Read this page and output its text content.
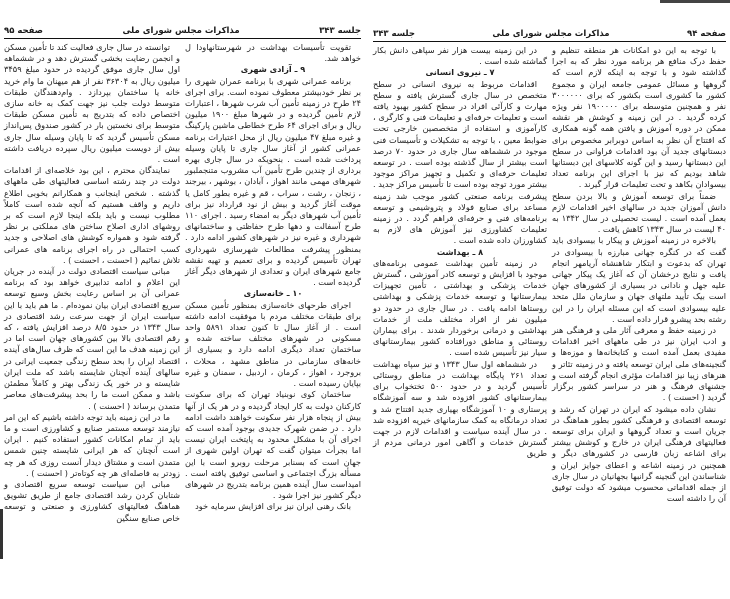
جلسه ۳۴۳
مذاکرات مجلس شورای ملی
صفحه ۹۵

تقویت تأسیسات بهداشت در شهرستانهاودا ل خواهد شد.

۹ ـ آزادی شهری

برنامه عمرانی شهری با برنامه عمران شهری را بر نظر خودبیشتر معطوف نموده است. برای اجرای ۲۴ طرح در زمینه تأمین آب شرب شهرها ، اعتبارات لازم تأمین گردیده و در شهرها مبلغ ۱۹۰۰ میلیون ریال و برای اجرای ۶۴ طرح خطاطی ماشین پارکینگ و غیره مبلغ ۴۷ میلیون ریال از محل اعتبارات برنامه عمرانی کشور از آغاز سال جاری تا پایان وسیله پرداخت شده است . بنحویکه در سال جاری بهره برداری از چندین طرح تأمین آب مشروب متنجملبور شهرهای مهمی مانند اهواز ، آبادان ، بوشهر ، بیرجند ، زنجان ، رشت ، سراب ، قم و غیره بطور کامل یا موقت آغاز گردید و بیش از نود قرارداد نیز برای تأمین آب شهرهای دیگر به امضاء رسید . اجرای ۱۱۰ طرح آسفالت و دهها طرح حفاظتی و ساختمانهای شهرداری و غیره نیز در شهرهای کشور ادامه دارد . بمنظور پیشرفت مطالعات شهرسازی شهرداری تهران تأسیس گردیده و برای تعمیم و تهیه نقشه جامع شهرهای ایران و تعدادی از شهرهای دیگر آغاز گردیده است .

۱۰ ـ خانه‌سازی

اجرای طرحهای خانه‌سازی بمنظور تأمین مسکن برای طبقات مختلف مردم با موفقیت ادامه داشته است . از آغاز سال تا کنون تعداد ۵۸۹۱ واحد مسکونی در شهرهای مختلف ساخته شده و ساختمان تعداد دیگری ادامه دارد و بسیاری از خانه‌های سازمانی در مناطق مشهد ، محلات ، بروجرد ، اهواز ، کرمان ، اردبیل ، سمنان و غیره بپایان رسیده است .

ساختمان کوی نوبنیاد تهران که برای سکونت کارکنان دولت به کار ایجاد گردیده و در هر یک از آنها بیش از پنجاه هزار نفر سکونت خواهند داشت ادامه دارد . در ضمن شهرک جدیدی بوجود آمده است که اجرای آن با مشکل محدود به پایتخت ایران نیست اما بجرأت میتوان گفت که تهران اولین شهری از جهان است که بسنابر مرحلت روبرو است با این مسأله بزرگ اجتماعی و اساسی توفیق یافته است . امیداست سال آینده همین برنامه بتدریج در شهرهای دیگر کشور نیز اجرا شود .

بانک رهنی ایران نیز برای افزایش سرمایه خود

توانسته در سال جاری فعالیت کند تا تأمین مسکن و انجمن رضایت بخشی گسترش دهد و در ششماهه اول سال جاری موفق گردیده در حدود مبلغ ۳۴۵۹ میلیون ریال به ۳۶۳۰۴ نفر از هم میهنان ما وام خرید خانه یا ساختمان بپردازد . وام‌دهندگان طبقات متوسط دولت جلب نیز جهت کمک به خانه سازی اختصاص داده که بتدریج به تأمین مسکن طبقات متوسط برای نخستین بار در کشور صندوق پس‌انداز مسکن تأسیس گردید که تا پایان وسیله سال جاری بیش از دویست میلیون ریال سپرده دریافت داشته است .

نمایندگان محترم ، این بود خلاصه‌ای از اقدامات دولت در چند رشته اساسی فعالیتهای طی ماههای گذشته . شخص اینجانب و همکارانم بخوبی اطلاع داریم و واقف هستیم که آنچه شده است کاملاً مطلوب نیست و باید بلکه اینجا لازم است که بر روشهای اداری اصلاح ساختن های مملکتی بر نظر گرفته شود و همواره کوشش های اصلاحی و جدید کسب احتمالی در راه اجرای برنامه های عمرانی تلاش نمائیم ( احسنت ، احسنت ) .

مبانی سیاست اقتصادی دولت در آینده در جریان این اعلام و ادامه تدابیری خواهد بود که برنامه عمرانی آن بر اساس رعایت بخش وسیع توسعه سریع اقتصادی ایران بیان نموده‌ام . ما هم باید با این سیاست ایران از جهت سرعت رشد اقتصادی در سال ۱۳۴۳ در حدود ۸/۵ درصد افزایش یافته ، که رقم اقتصادی بالا بین کشورهای جهان است اما در این زمینه هدف ما این است که ظرف سال‌های آینده اقتصاد ایران را بحد سطح زندگی جمعیت ایرانی در سالهای آینده آنچنان شایسته باشد که ملت ایران شایسته و در خور یک زندگی بهتر و کاملاً مطمئن باشد و ممکن است ما را بحد پیشرفت‌های معاصر متمدن برساند ( احسنت ) .

ما در این زمینه باید توجه داشته باشیم که این امر نیازمند توسعه مستمر صنایع و کشاورزی است و ما باید از تمام امکانات کشور استفاده کنیم . ایران است آنچنان که هر ایرانی شایسته چنین شمس متمدن است و مشتاق دیدار آنست روزی که هر چه زودتر به فاصله‌ای هر چه کوتاه‌تر ( احسنت ) .

مبانی این سیاست توسعه سریع اقتصادی و شتابان کردن رشد اقتصادی جامع از طریق تشویق هماهنگ فعالیتهای کشاورزی و صنعتی و توسعه خاص صنایع سنگین

صفحه ۹۴
مذاکرات مجلس شورای ملی
جلسه ۳۴۳

با توجه به این دو امکانات هر منطقه تنظیم و حفظ درک منافع هر برنامه مورد نظر که به اجرا گذاشته شود و با توجه به اینکه لازم است که گروهها و مسائل عمومی جامعه ایران و مجموع کشور ما کشوری است بکشور که برای ۳۰۰۰۰۰۰ نفر و همچنین متوسطه برای ۱۹۰۰۰۰۰ نفر ویژه کرده گردید . در این زمینه و کوشش هر نقشه ممکن در دوره آموزش و یافتن همه گونه همکاری که افتتاح آن نظر به اساس دوبرابر مخصوص برای دبستانهای جدید آن بود اقدامات فراوانی در سطح این دبستانها رسید و این گونه کلاسهای این دبستانها شاهد بودیم که نیز با اجرای این برنامه تعداد بیسوادان بکاهد و تحت تعلیمات قرار گیرند .

ضمناً برای توسعه آموزش و بالا بردن سطح دانش آموزان جدید در سالهای اخیر اقدامات لازم بعمل آمده است . لیست تحصیلی در سال ۱۳۴۲ به ۴۰ لیست در سال ۱۳۴۳ کاهش یافت .

بالاخره در زمینه آموزش و پیکار با بیسوادی باید گفت که در کنگره جهانی مبارزه با بیسوادی در تهران که بدعوت و ابتکار شاهنشاه آریامهر انجام یافت و نتایج درخشان آن که آغاز یک پیکار جهانی علیه جهل و نادانی در بسیاری از کشورهای جهان است بیک تأیید ملتهای جهان و سازمان ملل متحد علیه بیسوادی است که این مسئله ایران را در این رشته بحد پیشرو قرار داده است .

در زمینه حفظ و معرفی آثار ملی و فرهنگی هنر و ادب ایران نیز در طی ماههای اخیر اقدامات مفیدی بعمل آمده است و کتابخانه‌ها و موزه‌ها و گنجینه‌های ملی ایران توسعه یافته و در زمینه تئاتر و هنرهای زیبا نیز اقدامات مؤثری انجام گرفته است و جشنهای فرهنگ و هنر در سراسر کشور برگزار گردید ( احسنت ) .

نشان داده میشود که ایران در تهران که رشد و توسعه اقتصادی و فرهنگی کشور بطور هماهنگ در جریان است و تعداد گروهها و ایران برای توسعه فعالیتهای فرهنگی ایران در خارج و کوشش بیشتر برای اشاعه زبان فارسی در کشورهای دیگر و همچنین در زمینه اشاعه و اعطای جوایز ایران و شناساندن این گنجینه گرانبها بجهانیان در سال جاری از جمله اقداماتی محسوب میشود که دولت توفیق آن را داشته است

در این زمینه بیست هزار نفر سپاهی دانش بکار گماشته شده است .

۷ ـ نیروی انسانی

اقدامات مربوط به نیروی انسانی در سطح متخصص در سال جاری گسترش یافته و سطح مهارت و کارآئی افراد در سطح کشور بهبود یافته است و تعلیمات حرفه‌ای و تعلیمات فنی و کارگری ، کارآموزی و استفاده از متخصصین خارجی تحت ضوابط معین ، با توجه به تشکیلات و تأسیسات فنی موجود در ششماهه سال جاری در حدود ۷۰ درصد است بیشتر از سال گذشته بوده است . در توسعه تعلیمات حرفه‌ای و تکمیل و تجهیز مراکز موجود بیشتر مورد توجه بوده است تا تأسیس مراکز جدید . پیشرفت برنامه صنعتی کشور موجب شد زمینه مساعد برای صنایع فولاد و پتروشیمی و توسعه برنامه‌های فنی و حرفه‌ای فراهم گردد . در زمینه تعلیمات کشاورزی نیز آموزش های لازم به کشاورزان داده شده است .

۸ ـ بهداشت

در زمینه تأمین بهداشت عمومی برنامه‌های موجود با افزایش و توسعه کادر آموزشی ، گسترش خدمات پزشکی و بهداشتی ، تأمین تجهیزات بیمارستانها و توسعه خدمات پزشکی و بهداشتی روستاها ادامه یافت . در سال جاری در حدود دو میلیون نفر از افراد مختلف ملت از خدمات بهداشتی و درمانی برخوردار شدند . برای بیماران روستائی و مناطق دورافتاده کشور بیمارستانهای سیار نیز تأسیس شده است .

در ششماهه اول سال ۱۳۴۳ و نیز سپاه بهداشت تعداد ۲۶۱ پایگاه بهداشت در مناطق روستائی تأسیس گردید و در حدود ۵۰۰ تختخواب برای بیمارستانهای کشور افزوده شد و سه آموزشگاه پرستاری و ۱۰ آموزشگاه بهیاری جدید افتتاح شد و تعداد درمانگاه به کمک سازمانهای خیریه افزوده شد . در سال آینده سیاست و اقدامات لازم در جهت گسترش خدمات و آگاهی امور درمانی مردم از طریق
